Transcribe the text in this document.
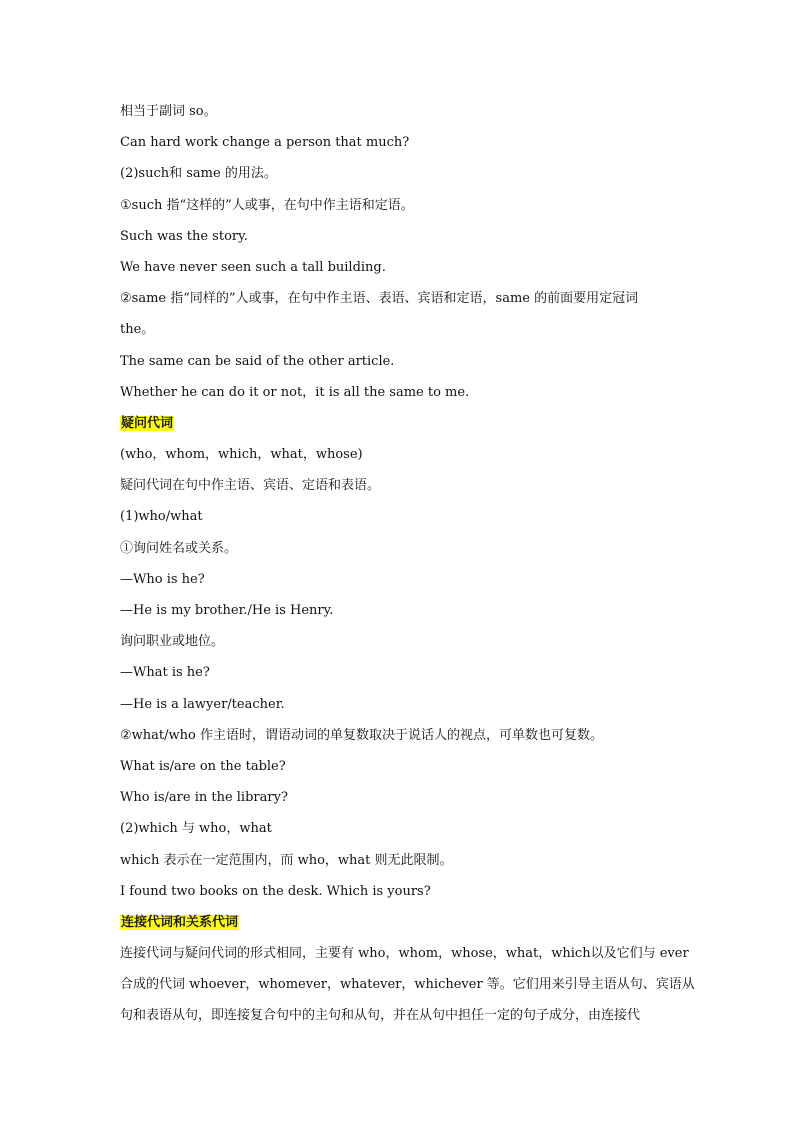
相当于副词 so。
Can hard work change a person that much?
(2)such和 same 的用法。
①such 指“这样的”人或事，在句中作主语和定语。
Such was the story.
We have never seen such a tall building.
②same 指“同样的”人或事，在句中作主语、表语、宾语和定语，same 的前面要用定冠词
the。
The same can be said of the other article.
Whether he can do it or not，it is all the same to me.
疑问代词
(who，whom，which，what，whose)
疑问代词在句中作主语、宾语、定语和表语。
(1)who/what
①询问姓名或关系。
—Who is he?
—He is my brother./He is Henry.
询问职业或地位。
—What is he?
—He is a lawyer/teacher.
②what/who 作主语时，谓语动词的单复数取决于说话人的视点，可单数也可复数。
What is/are on the table?
Who is/are in the library?
(2)which 与 who，what
which 表示在一定范围内，而 who，what 则无此限制。
I found two books on the desk. Which is yours?
连接代词和关系代词
连接代词与疑问代词的形式相同，主要有 who，whom，whose，what，which以及它们与 ever
合成的代词 whoever，whomever，whatever，whichever 等。它们用来引导主语从句、宾语从
句和表语从句，即连接复合句中的主句和从句，并在从句中担任一定的句子成分，由连接代
